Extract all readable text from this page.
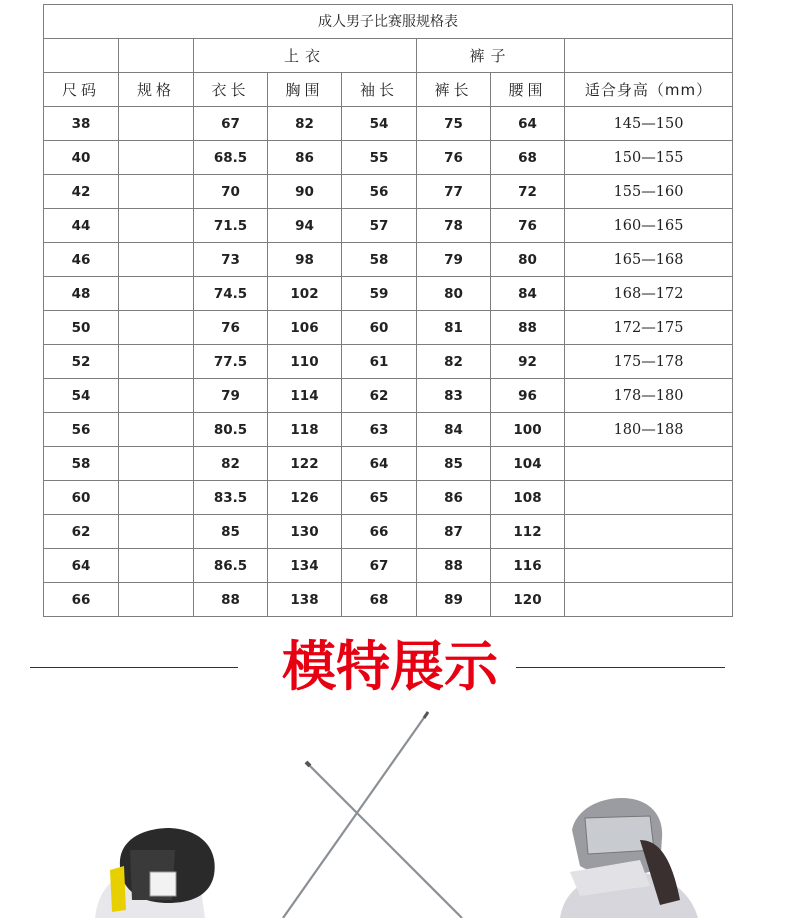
成人男子比赛服规格表							
		上衣			裤子		
尺码	规格	衣长	胸围	袖长	裤长	腰围	适合身高（mm）
38		67	82	54	75	64	145—150
40		68.5	86	55	76	68	150—155
42		70	90	56	77	72	155—160
44		71.5	94	57	78	76	160—165
46		73	98	58	79	80	165—168
48		74.5	102	59	80	84	168—172
50		76	106	60	81	88	172—175
52		77.5	110	61	82	92	175—178
54		79	114	62	83	96	178—180
56		80.5	118	63	84	100	180—188
58		82	122	64	85	104	
60		83.5	126	65	86	108	
62		85	130	66	87	112	
64		86.5	134	67	88	116	
66		88	138	68	89	120	
模特展示
